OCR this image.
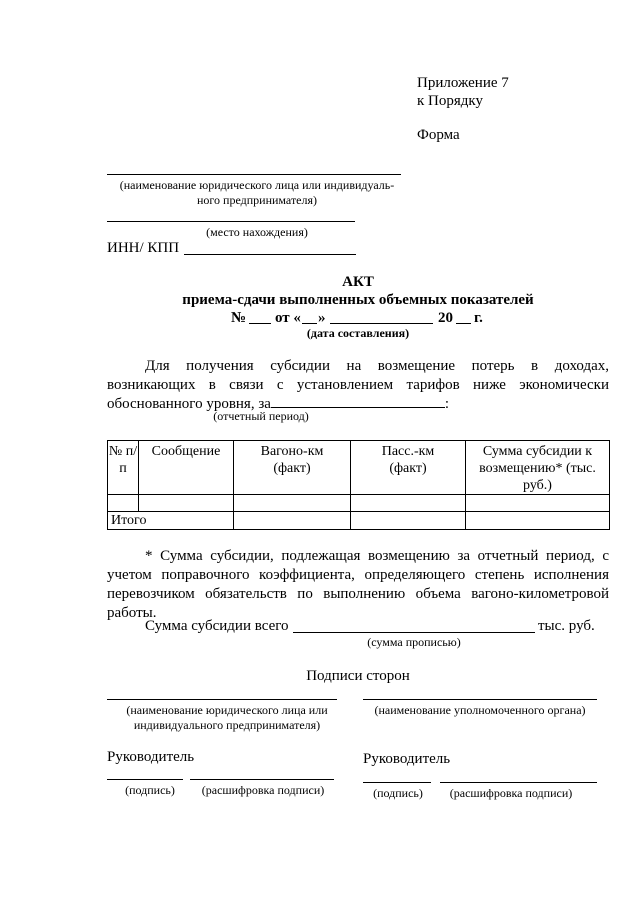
Приложение 7
к Порядку
Форма
(наименование юридического лица или индивидуаль-
ного предпринимателя)
(место нахождения)
ИНН/ КПП
АКТ
приема-сдачи выполненных объемных показателей
№ от « »	20 г.
(дата составления)
Для получения субсидии на возмещение потерь в доходах, возникающих в связи с установлением тарифов ниже экономически обоснованного уровня, за	:
(отчетный период)
№ п/п	Сообщение	Вагоно-км (факт)	Пасс.-км (факт)	Сумма субсидии к возмещению* (тыс. руб.)

Итого				
* Сумма субсидии, подлежащая возмещению за отчетный период, с учетом поправочного коэффициента, определяющего степень исполнения перевозчиком обязательств по выполнению объема вагоно-километровой работы.
Сумма субсидии всего	тыс. руб.
(сумма прописью)
Подписи сторон
(наименование юридического лица или
индивидуального предпринимателя)
(наименование уполномоченного органа)
Руководитель	Руководитель
(подпись)	(расшифровка подписи)	(подпись)	(расшифровка подписи)
